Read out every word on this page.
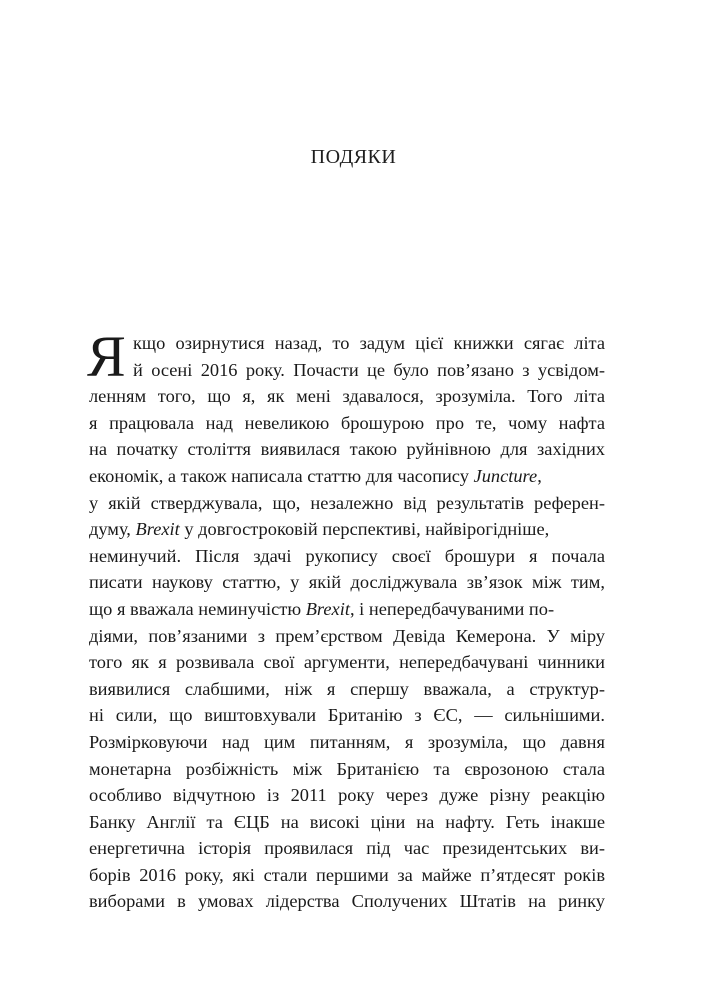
ПОДЯКИ
Я кщо озирнутися назад, то задум цієї книжки сягає літа
й осені 2016 року. Почасти це було пов’язано з усвідом-
ленням того, що я, як мені здавалося, зрозуміла. Того літа
я працювала над невеликою брошурою про те, чому нафта
на початку століття виявилася такою руйнівною для західних
економік, а також написала статтю для часопису Juncture,
у якій стверджувала, що, незалежно від результатів референ-
думу, Brexit у довгостроковій перспективі, найвірогідніше,
неминучий. Після здачі рукопису своєї брошури я почала
писати наукову статтю, у якій досліджувала зв’язок між тим,
що я вважала неминучістю Brexit, і непередбачуваними по-
діями, пов’язаними з прем’єрством Девіда Кемерона. У міру
того як я розвивала свої аргументи, непередбачувані чинники
виявилися слабшими, ніж я спершу вважала, а структур-
ні сили, що виштовхували Британію з ЄС, — сильнішими.
Розмірковуючи над цим питанням, я зрозуміла, що давня
монетарна розбіжність між Британією та єврозоною стала
особливо відчутною із 2011 року через дуже різну реакцію
Банку Англії та ЄЦБ на високі ціни на нафту. Геть інакше
енергетична історія проявилася під час президентських ви-
борів 2016 року, які стали першими за майже п’ятдесят років
виборами в умовах лідерства Сполучених Штатів на ринку
